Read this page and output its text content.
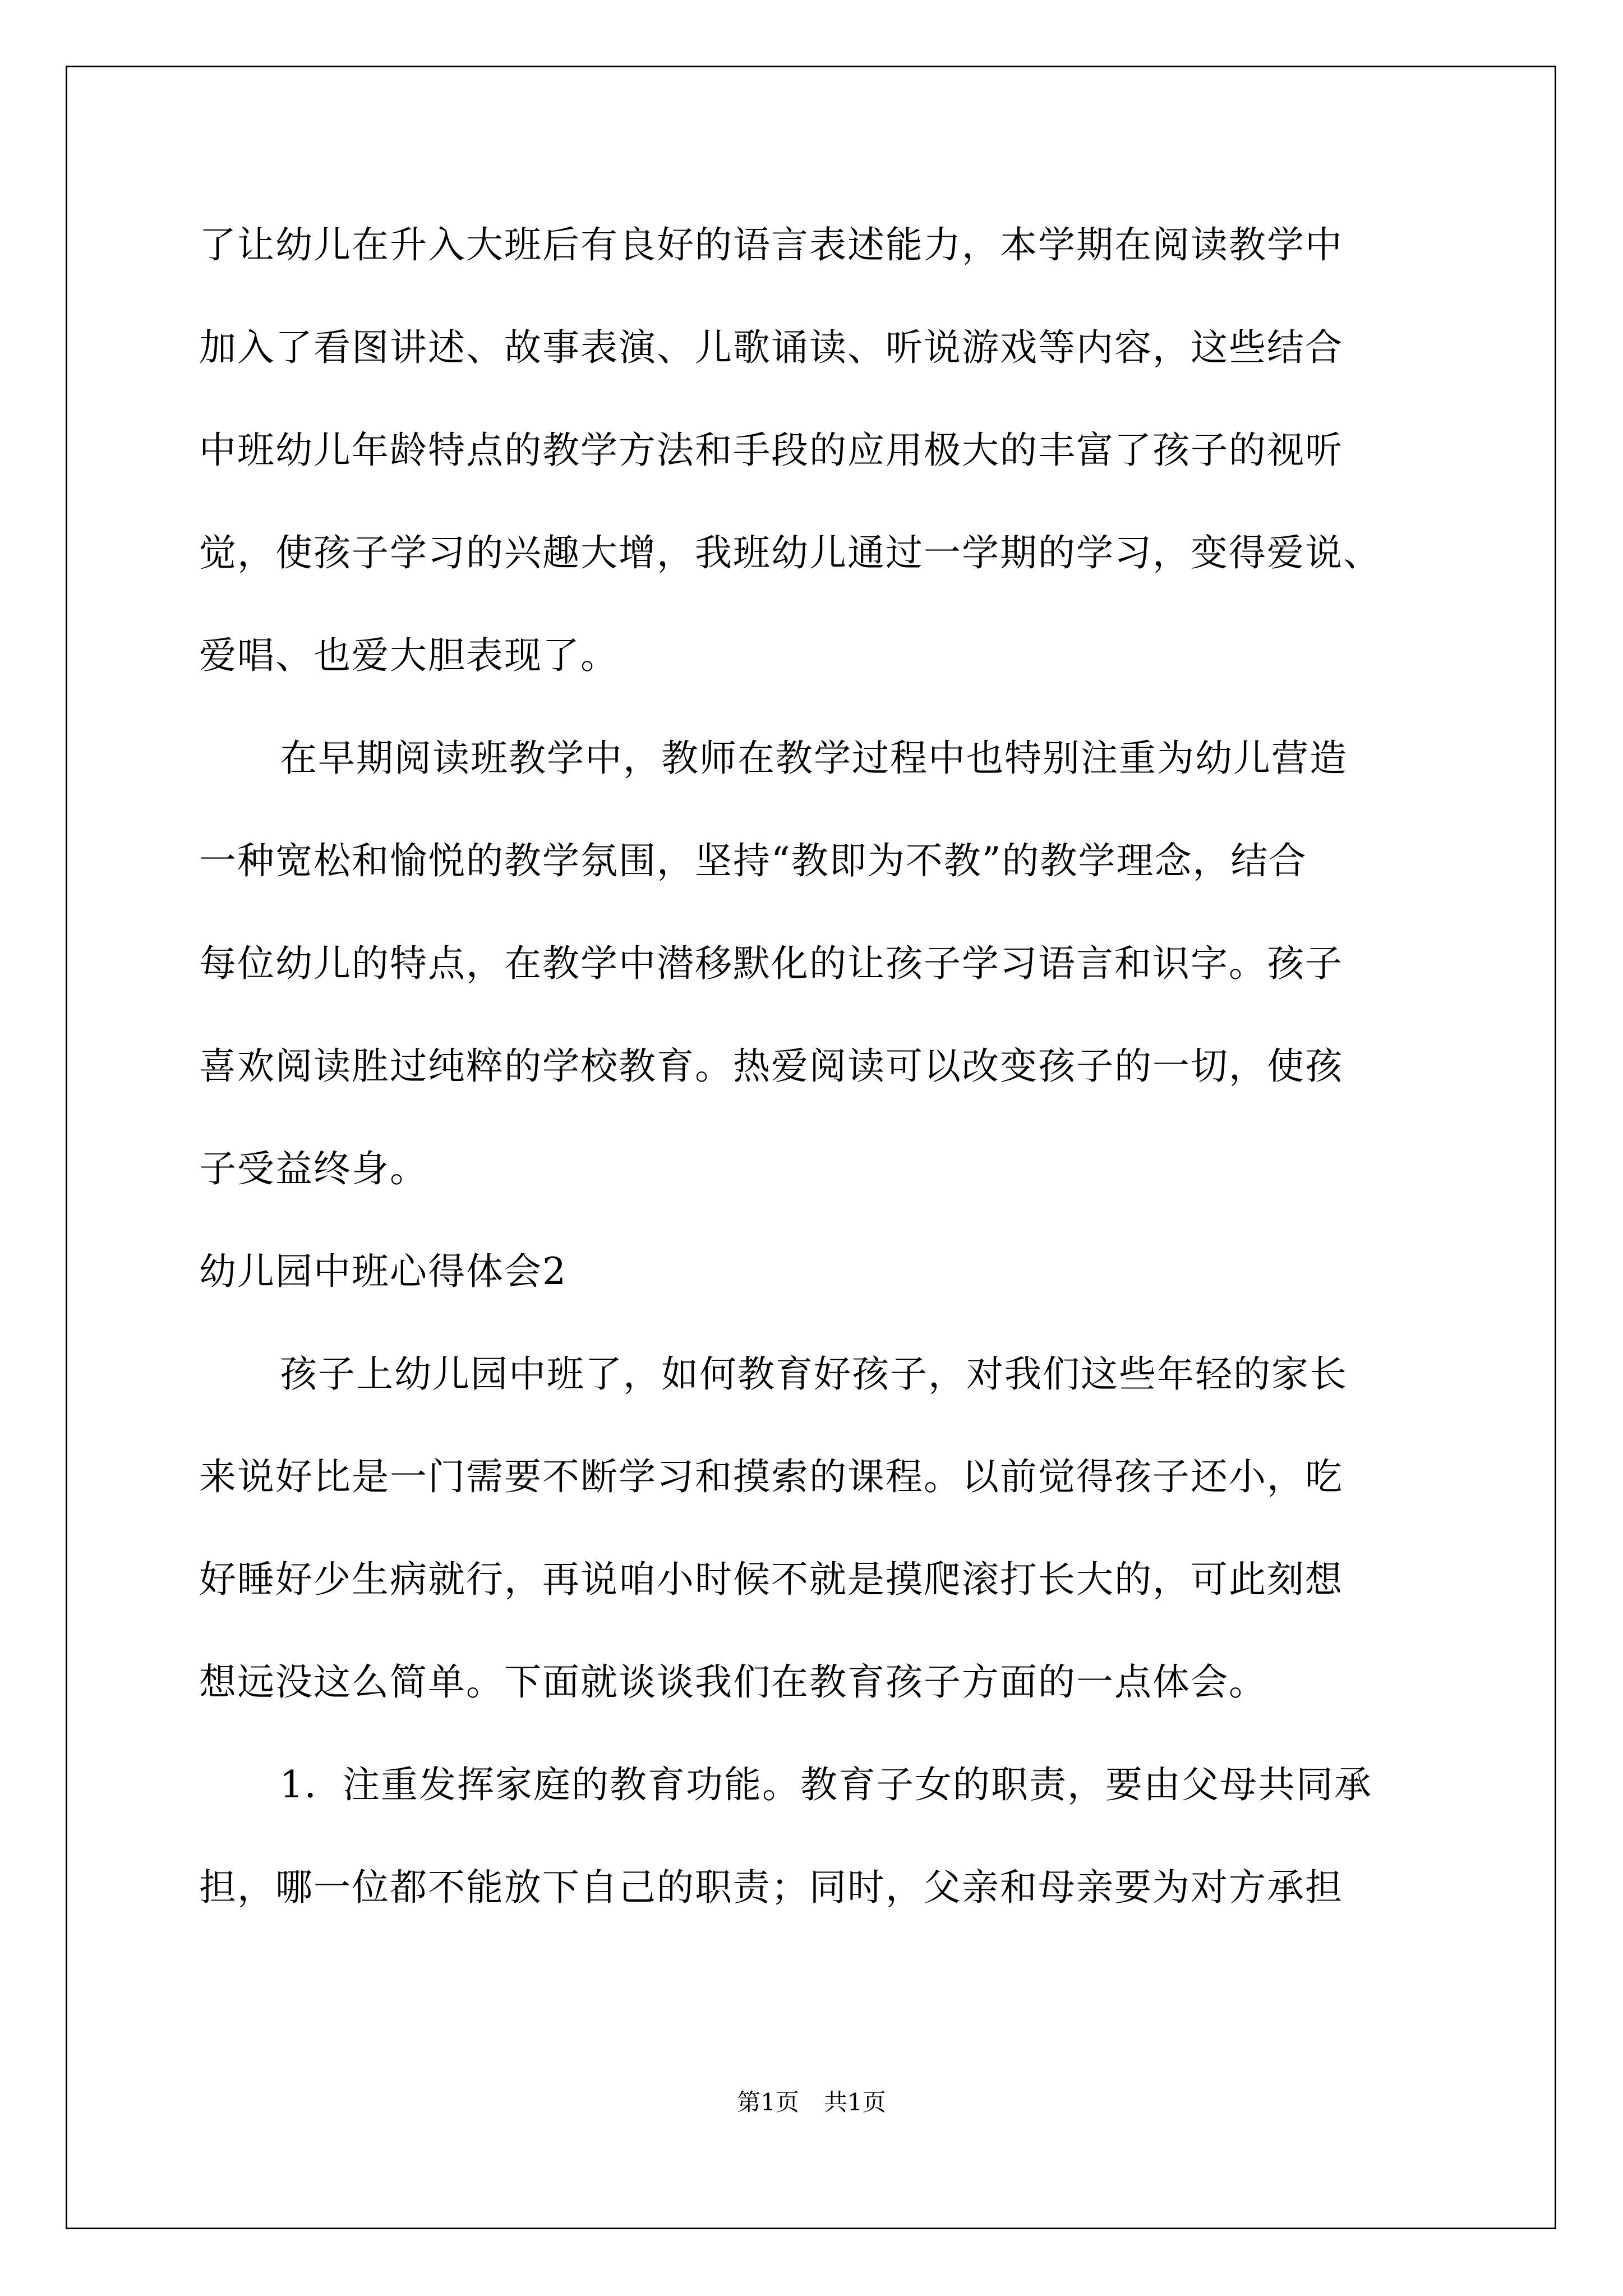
了让幼儿在升入大班后有良好的语言表述能力，本学期在阅读教学中
加入了看图讲述、故事表演、儿歌诵读、听说游戏等内容，这些结合
中班幼儿年龄特点的教学方法和手段的应用极大的丰富了孩子的视听
觉，使孩子学习的兴趣大增，我班幼儿通过一学期的学习，变得爱说、
爱唱、也爱大胆表现了。
在早期阅读班教学中，教师在教学过程中也特别注重为幼儿营造
一种宽松和愉悦的教学氛围，坚持“教即为不教”的教学理念，结合
每位幼儿的特点，在教学中潜移默化的让孩子学习语言和识字。孩子
喜欢阅读胜过纯粹的学校教育。热爱阅读可以改变孩子的一切，使孩
子受益终身。
幼儿园中班心得体会2
孩子上幼儿园中班了，如何教育好孩子，对我们这些年轻的家长
来说好比是一门需要不断学习和摸索的课程。以前觉得孩子还小，吃
好睡好少生病就行，再说咱小时候不就是摸爬滚打长大的，可此刻想
想远没这么简单。下面就谈谈我们在教育孩子方面的一点体会。
1．注重发挥家庭的教育功能。教育子女的职责，要由父母共同承
担，哪一位都不能放下自己的职责；同时，父亲和母亲要为对方承担
第1页 共1页
